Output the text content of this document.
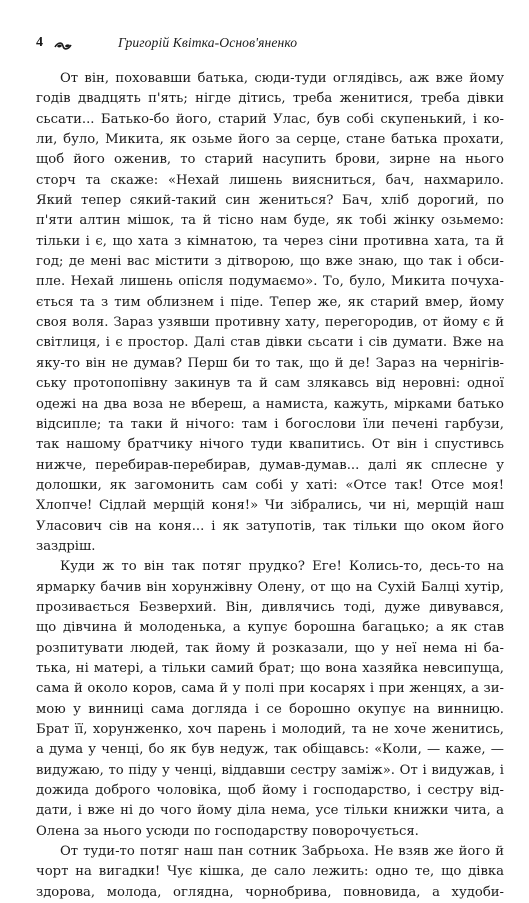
4	Григорій Квітка-Основ'яненко
От він, поховавши батька, сюди-туди оглядівсь, аж вже йому
годів двадцять п'ять; нігде дітись, треба женитися, треба дівки
сьсати... Батько-бо його, старий Улас, був собі скупенький, і ко-
ли, було, Микита, як озьме його за серце, стане батька прохати,
щоб його оженив, то старий насупить брови, зирне на нього
сторч та скаже: «Нехай лишень вияснитьcя, бач, нахмарило.
Який тепер сякий-такий син жениться? Бач, хліб дорогий, по
п'яти алтин мішок, та й тісно нам буде, як тобі жінку озьмемо:
тільки і є, що хата з кімнатою, та через сіни противна хата, та й
год; де мені вас містити з дітворою, що вже знаю, що так і обси-
пле. Нехай лишень опісля подумаємо». То, було, Микита почуха-
ється та з тим облизнем і піде. Тепер же, як старий вмер, йому
своя воля. Зараз узявши противну хату, перегородив, от йому є й
світлиця, і є простор. Далі став дівки сьсати і сів думати. Вже на
яку-то він не думав? Перш би то так, що й де! Зараз на чернігів-
ську протопопівну закинув та й сам злякавсь від неровні: одної
одежі на два воза не вбереш, а намиста, кажуть, мірками батько
відсипле; та таки й нічого: там і богослови їли печені гарбузи,
так нашому братчику нічого туди квапитись. От він і спустивсь
нижче, перебирав-перебирав, думав-думав... далі як сплесне у
долошки, як загомонить сам собі у хаті: «Отсе так! Отсе моя!
Хлопче! Сідлай мерщій коня!» Чи зібрались, чи ні, мерщій наш
Уласович сів на коня... і як затупотів, так тільки що оком його
заздріш.
Куди ж то він так потяг прудко? Еге! Колись-то, десь-то на
ярмарку бачив він хорунжівну Олену, от що на Сухій Балці хутір,
прозивається Безверхий. Він, дивлячись тоді, дуже дивувався,
що дівчина й молоденька, а купує борошна багацько; а як став
розпитувати людей, так йому й розказали, що у неї нема ні ба-
тька, ні матері, а тільки самий брат; що вона хазяйка невсипуща,
сама й около коров, сама й у полі при косарях і при женцях, а зи-
мою у винниці сама догляда і се борошно окупує на винницю.
Брат її, хорунженко, хоч парень і молодий, та не хоче женитись,
а дума у ченці, бо як був недуж, так обіщавсь: «Коли, — каже, —
видужаю, то піду у ченці, віддавши сестру заміж». От і видужав, і
дожида доброго чоловіка, щоб йому і господарство, і сестру від-
дати, і вже ні до чого йому діла нема, усе тільки книжки чита, а
Олена за нього усюди по господарству поворочується.
От туди-то потяг наш пан сотник Забрьоха. Не взяв же його й
чорт на вигадки! Чує кішка, де сало лежить: одно те, що дівка
здорова, молода, оглядна, чорнобрива, повновида, а худоби-
